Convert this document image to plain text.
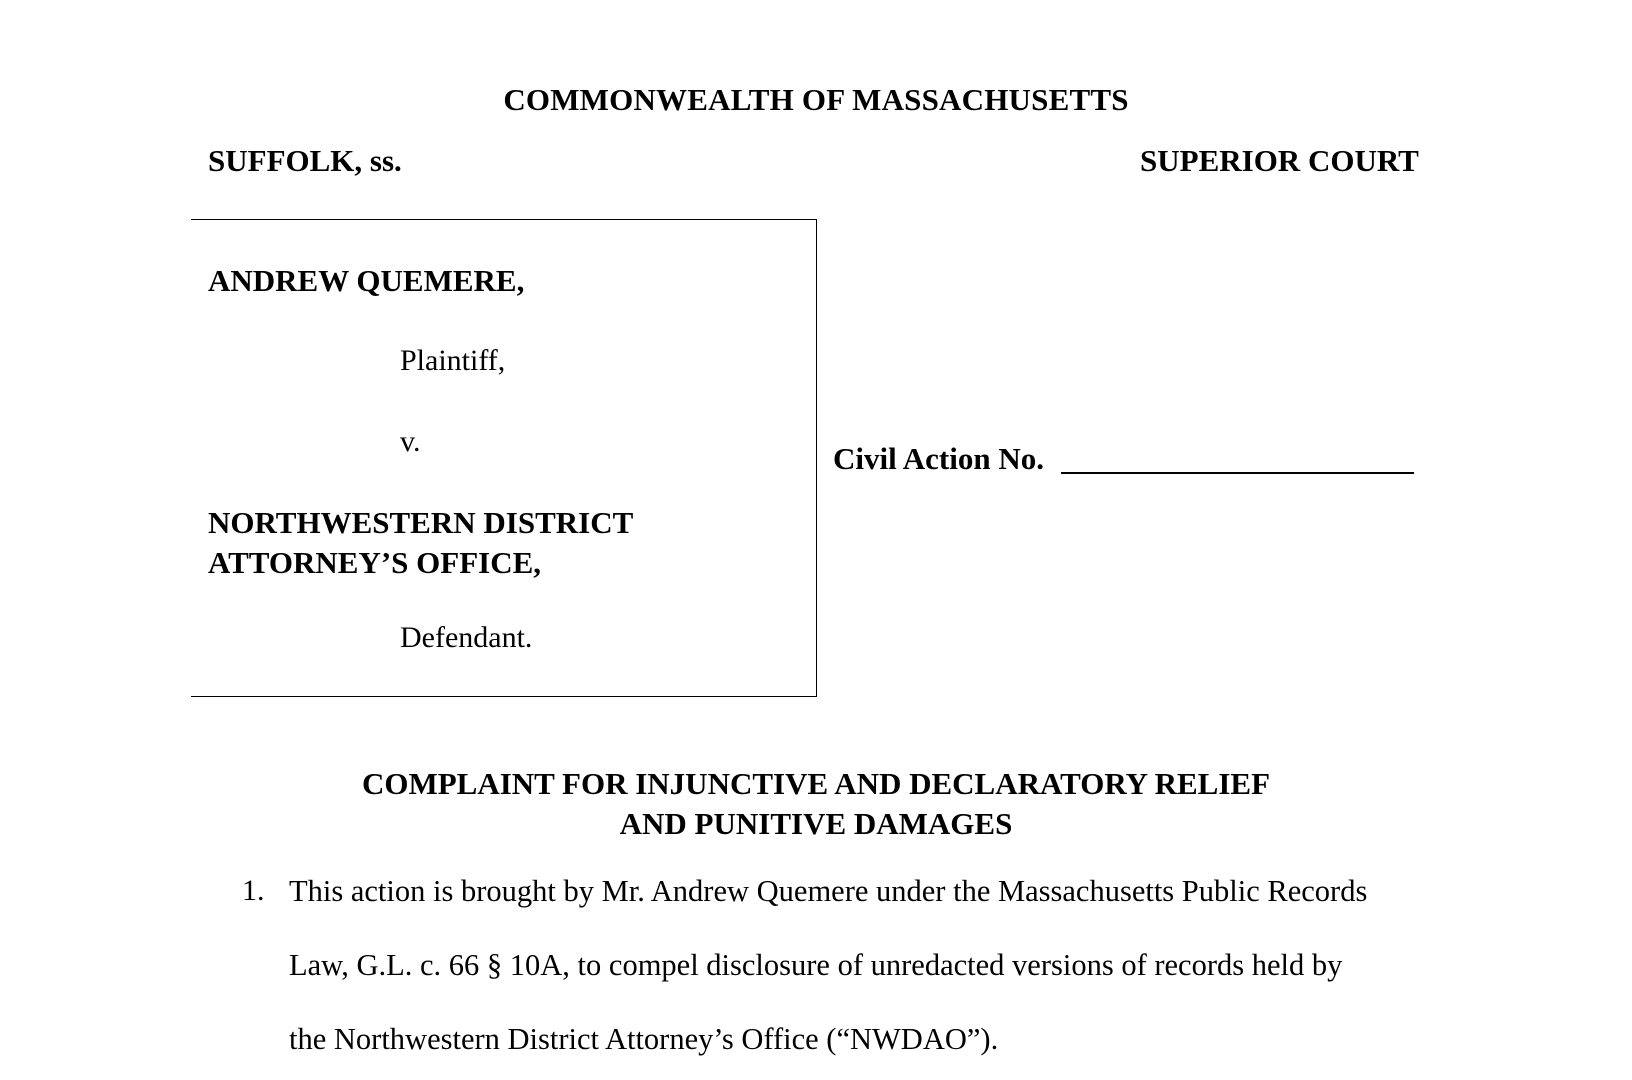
COMMONWEALTH OF MASSACHUSETTS
SUFFOLK, ss.	SUPERIOR COURT
ANDREW QUEMERE,
Plaintiff,
v.
NORTHWESTERN DISTRICT
ATTORNEY’S OFFICE,
Defendant.
Civil Action No.
COMPLAINT FOR INJUNCTIVE AND DECLARATORY RELIEF
AND PUNITIVE DAMAGES
1. This action is brought by Mr. Andrew Quemere under the Massachusetts Public Records
Law, G.L. c. 66 § 10A, to compel disclosure of unredacted versions of records held by
the Northwestern District Attorney’s Office (“NWDAO”).
